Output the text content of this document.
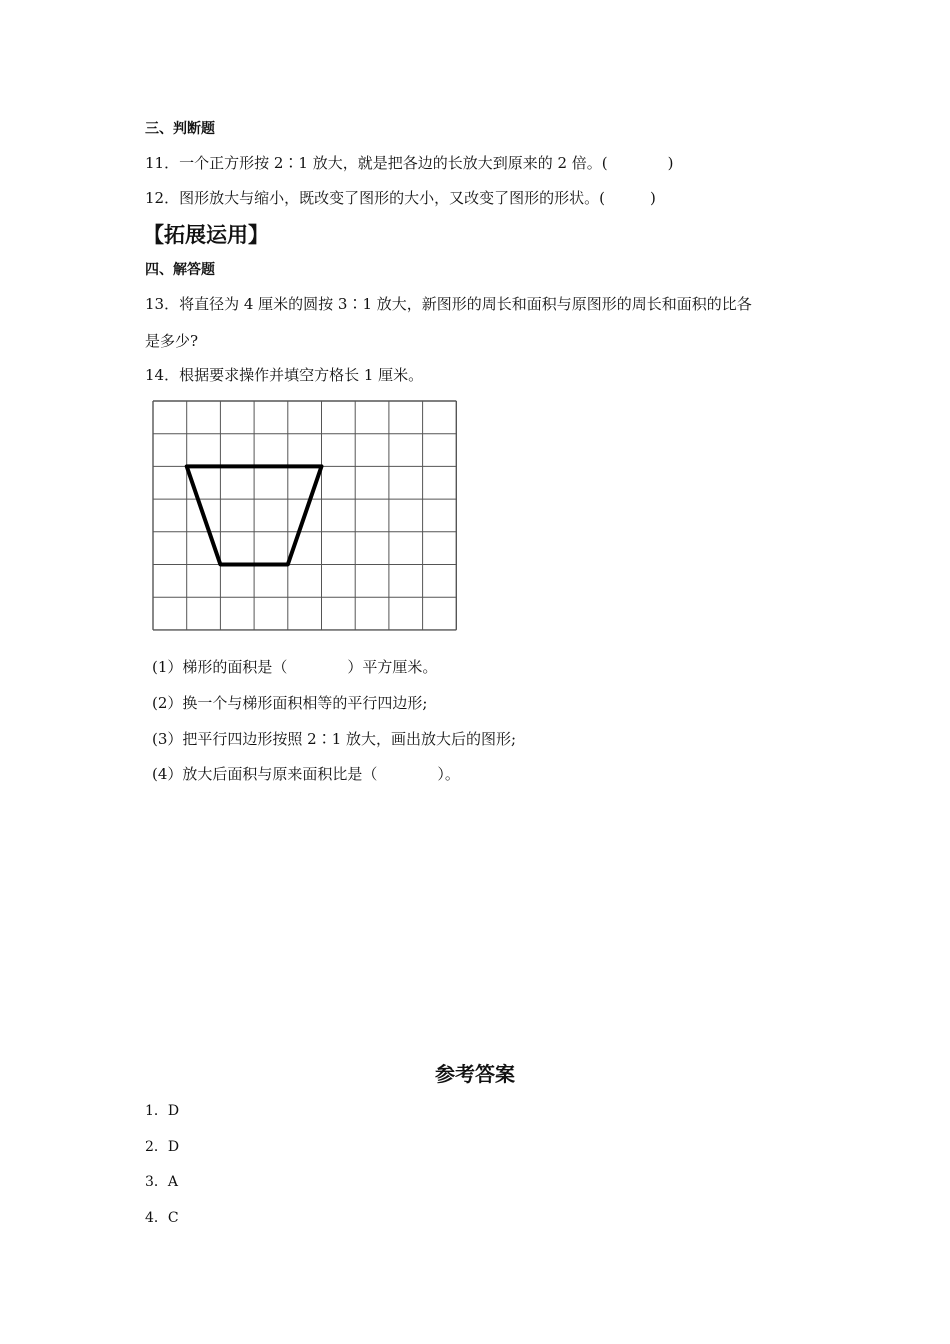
三、判断题
11．一个正方形按 2∶1 放大，就是把各边的长放大到原来的 2 倍。(　　　　)
12．图形放大与缩小，既改变了图形的大小，又改变了图形的形状。(　　　)
【拓展运用】
四、解答题
13．将直径为 4 厘米的圆按 3∶1 放大，新图形的周长和面积与原图形的周长和面积的比各
是多少?
14．根据要求操作并填空方格长 1 厘米。
(1）梯形的面积是（　　　　）平方厘米。
(2）换一个与梯形面积相等的平行四边形;
(3）把平行四边形按照 2∶1 放大，画出放大后的图形;
(4）放大后面积与原来面积比是（　　　　）。
参考答案
1．D
2．D
3．A
4．C
